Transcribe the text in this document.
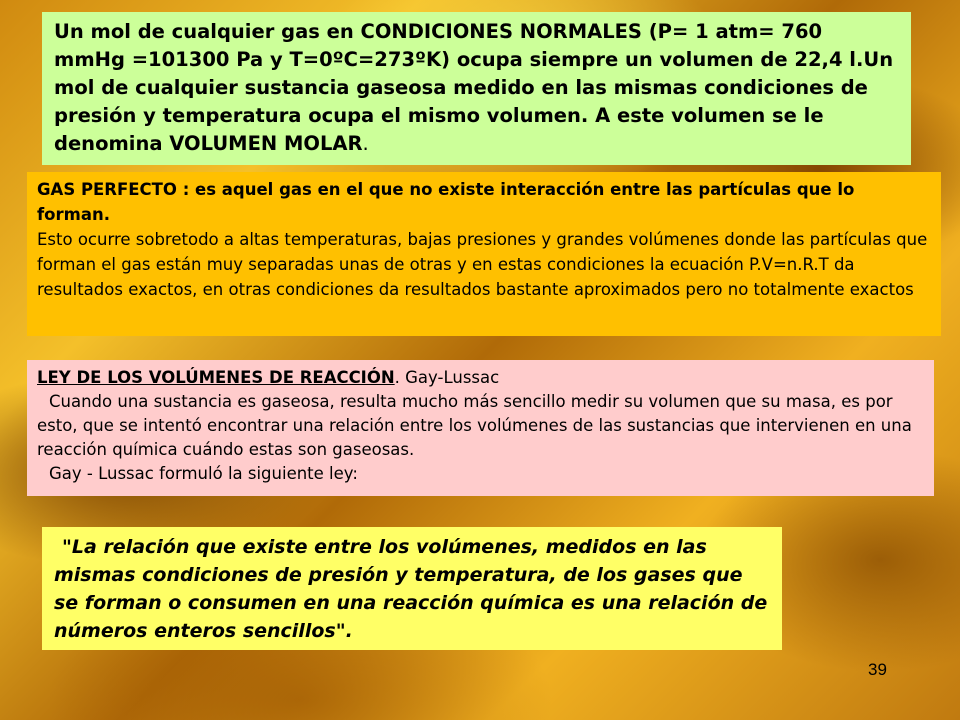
Un mol de cualquier gas en CONDICIONES NORMALES (P= 1 atm= 760 mmHg =101300 Pa y T=0ºC=273ºK) ocupa siempre un volumen de 22,4 l.Un mol de cualquier sustancia gaseosa medido en las mismas condiciones de presión y temperatura ocupa el mismo volumen. A este volumen se le denomina VOLUMEN MOLAR.
GAS PERFECTO : es aquel gas en el que no existe interacción entre las partículas que lo forman.
Esto ocurre sobretodo a altas temperaturas, bajas presiones y grandes volúmenes donde las partículas que forman el gas están muy separadas unas de otras y en estas condiciones la ecuación P.V=n.R.T da resultados exactos, en otras condiciones da resultados bastante aproximados pero no totalmente exactos
LEY DE LOS VOLÚMENES DE REACCIÓN. Gay-Lussac
Cuando una sustancia es gaseosa, resulta mucho más sencillo medir su volumen que su masa, es por esto, que se intentó encontrar una relación entre los volúmenes de las sustancias que intervienen en una reacción química cuándo estas son gaseosas.
Gay - Lussac formuló la siguiente ley:
"La relación que existe entre los volúmenes, medidos en las mismas condiciones de presión y temperatura, de los gases que se forman o consumen en una reacción química es una relación de números enteros sencillos".
39
